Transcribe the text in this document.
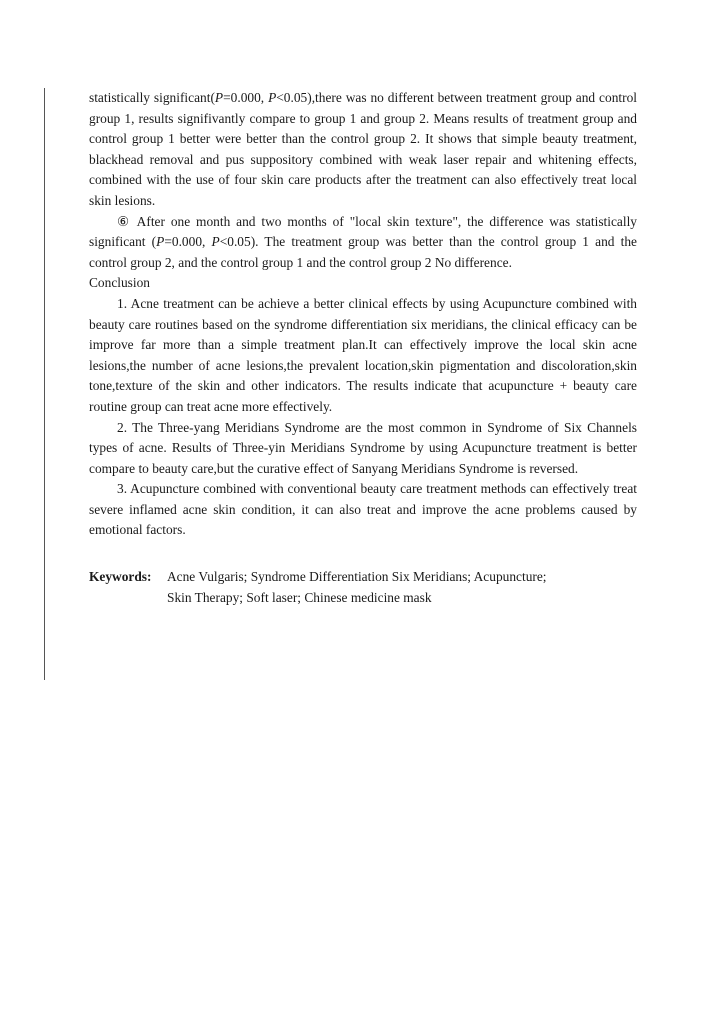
statistically significant(P=0.000, P<0.05),there was no different between treatment group and control group 1, results signifivantly compare to group 1 and group 2. Means results of treatment group and control group 1 better were better than the control group 2. It shows that simple beauty treatment, blackhead removal and pus suppository combined with weak laser repair and whitening effects, combined with the use of four skin care products after the treatment can also effectively treat local skin lesions.

⑥ After one month and two months of "local skin texture", the difference was statistically significant (P=0.000, P<0.05). The treatment group was better than the control group 1 and the control group 2, and the control group 1 and the control group 2 No difference.

Conclusion

1. Acne treatment can be achieve a better clinical effects by using Acupuncture combined with beauty care routines based on the syndrome differentiation six meridians, the clinical efficacy can be improve far more than a simple treatment plan.It can effectively improve the local skin acne lesions,the number of acne lesions,the prevalent location,skin pigmentation and discoloration,skin tone,texture of the skin and other indicators. The results indicate that acupuncture + beauty care routine group can treat acne more effectively.

2. The Three-yang Meridians Syndrome are the most common in Syndrome of Six Channels types of acne. Results of Three-yin Meridians Syndrome by using Acupuncture treatment is better compare to beauty care,but the curative effect of Sanyang Meridians Syndrome is reversed.

3. Acupuncture combined with conventional beauty care treatment methods can effectively treat severe inflamed acne skin condition, it can also treat and improve the acne problems caused by emotional factors.

Keywords:	Acne Vulgaris; Syndrome Differentiation Six Meridians; Acupuncture;
Skin Therapy; Soft laser; Chinese medicine mask
